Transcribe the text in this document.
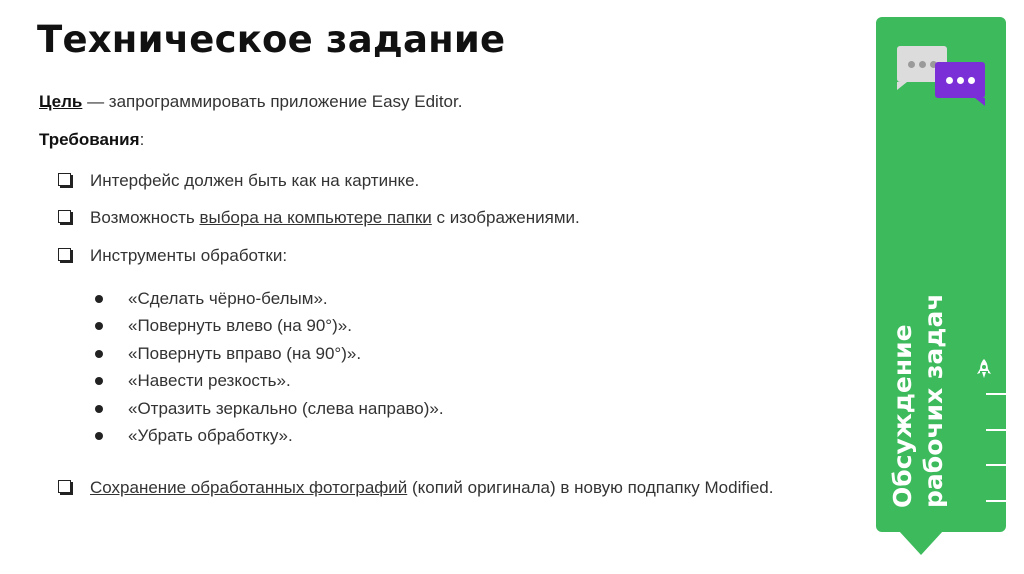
Техническое задание
Цель — запрограммировать приложение Easy Editor.
Требования:
Интерфейс должен быть как на картинке.
Возможность выбора на компьютере папки с изображениями.
Инструменты обработки:
«Сделать чёрно-белым».
«Повернуть влево (на 90°)».
«Повернуть вправо (на 90°)».
«Навести резкость».
«Отразить зеркально (слева направо)».
«Убрать обработку».
Сохранение обработанных фотографий (копий оригинала) в новую подпапку Modified.	Обсуждение рабочих задач
